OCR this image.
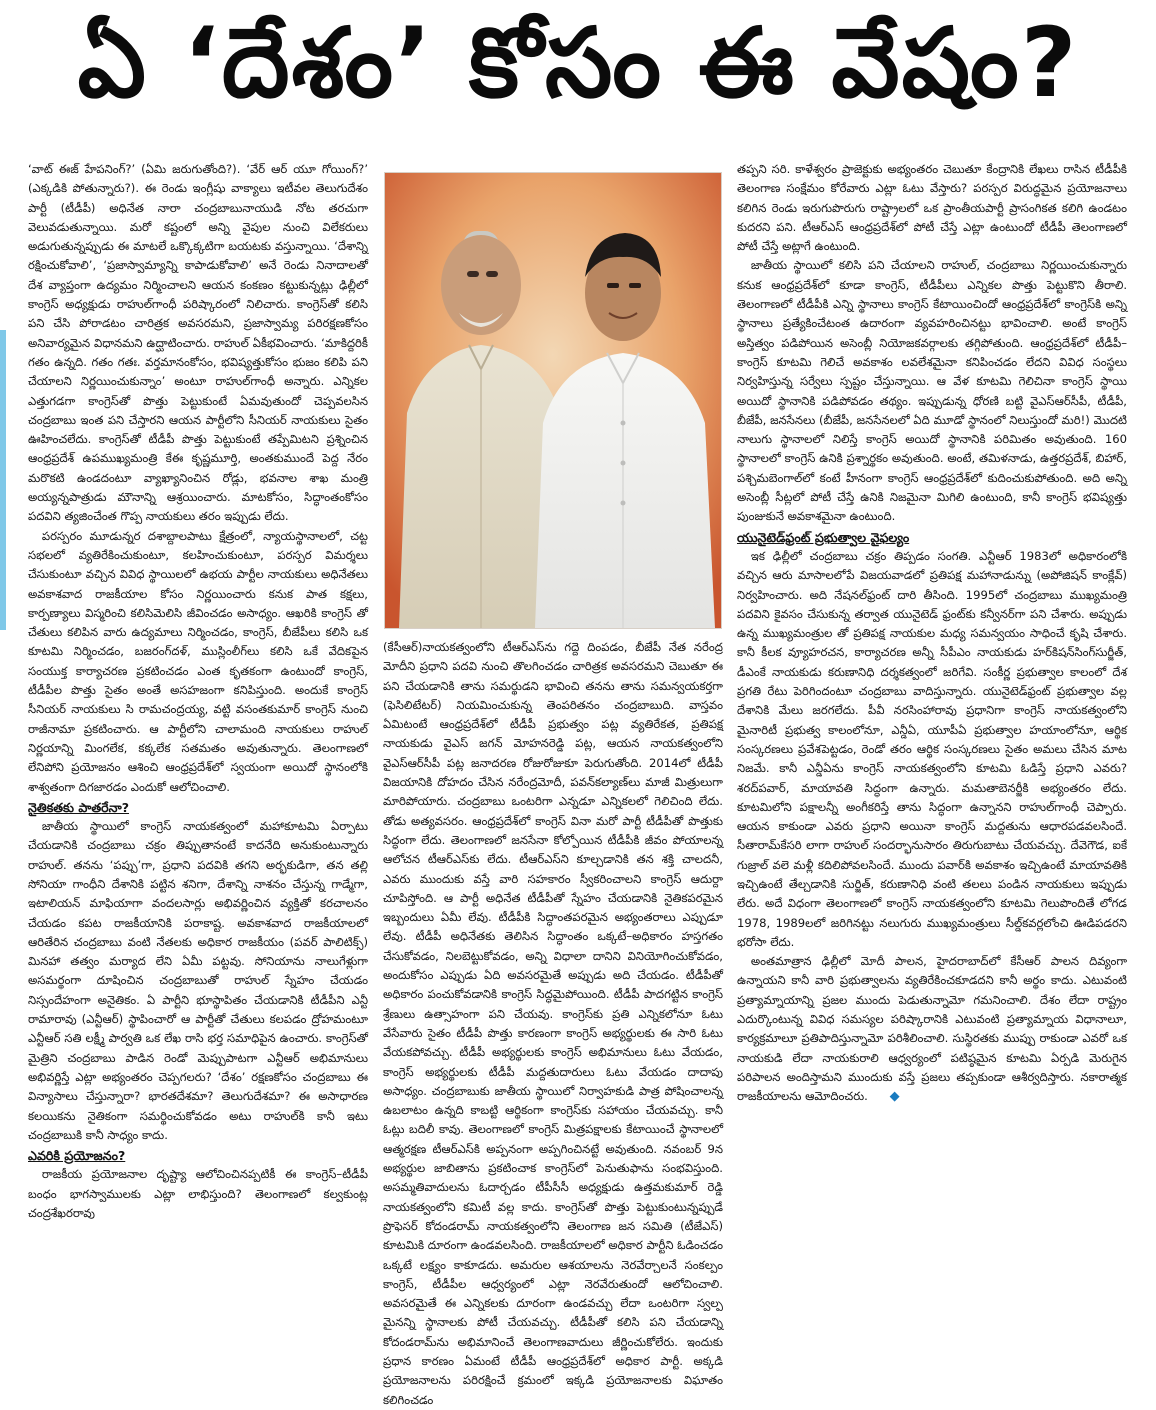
ఏ ‘దేశం’ కోసం ఈ వేషం?

‘వాట్ ఈజ్ హేపనింగ్?’ (ఏమి జరుగుతోంది?). ‘వేర్ ఆర్ యూ గోయింగ్?’ (ఎక్కడికి పోతున్నారు?). ఈ రెండు ఇంగ్లీషు వాక్యాలు ఇటీవల తెలుగుదేశం పార్టీ (టీడీపీ) అధినేత నారా చంద్రబాబునాయుడి నోట తరచుగా వెలువడుతున్నాయి. మరో కష్టంలో అన్ని వైపుల నుంచి విలేకరులు అడుగుతున్నప్పుడు ఈ మాటలే ఒక్కొక్కటిగా బయటకు వస్తున్నాయి. ‘దేశాన్ని రక్షించుకోవాలి’, ‘ప్రజాస్వామ్యాన్ని కాపాడుకోవాలి’ అనే రెండు నినాదాలతో దేశ వ్యాప్తంగా ఉద్యమం నిర్మించాలని ఆయన కంకణం కట్టుకున్నట్లు ఢిల్లీలో కాంగ్రెస్ అధ్యక్షుడు రాహుల్‌గాంధీ పరిష్కారంలో నిలిచారు. కాంగ్రెస్‌తో కలిసి పని చేసి పోరాడటం చారిత్రక అవసరమని, ప్రజాస్వామ్య పరిరక్షణకోసం అనివార్యమైన విధానమని ఉద్ఘాటించారు. రాహుల్ ఏకీభవించారు. ‘మాకిద్దరికీ గతం ఉన్నది. గతం గతః. వర్తమానంకోసం, భవిష్యత్తుకోసం భుజం కలిపి పని చేయాలని నిర్ణయించుకున్నాం’ అంటూ రాహుల్‌గాంధీ అన్నారు. ఎన్నికల ఎత్తుగడగా కాంగ్రెస్‌తో పొత్తు పెట్టుకుంటే ఏమవుతుందో చెప్పవలసిన చంద్రబాబు ఇంత పని చేస్తారని ఆయన పార్టీలోని సీనియర్ నాయకులు సైతం ఊహించలేదు. కాంగ్రెస్‌తో టీడీపీ పొత్తు పెట్టుకుంటే తప్పేమిటని ప్రశ్నించిన ఆంధ్రప్రదేశ్ ఉపముఖ్యమంత్రి కేఈ కృష్ణమూర్తి, అంతకుముందే పెద్ద నేరం మరొకటి ఉండదంటూ వ్యాఖ్యానించిన రోడ్లు, భవనాల శాఖ మంత్రి అయ్యన్నపాత్రుడు మౌనాన్ని ఆశ్రయించారు. మాటకోసం, సిద్ధాంతంకోసం పదవిని త్యజించేంత గొప్ప నాయకులు తరం ఇప్పుడు లేదు.

పరస్పరం మూడున్నర దశాబ్దాలపాటు క్షేత్రంలో, న్యాయస్థానాలలో, చట్ట సభలలో వ్యతిరేకించుకుంటూ, కలహించుకుంటూ, పరస్పర విమర్శలు చేసుకుంటూ వచ్చిన వివిధ స్థాయిలలో ఉభయ పార్టీల నాయకులు అధినేతలు అవకాశవాద రాజకీయాల కోసం నిర్ణయించారు కనుక పాత కక్షలు, కార్పణ్యాలు విస్మరించి కలిసిమెలిసి జీవించడం అసాధ్యం. ఆఖరికి కాంగ్రెస్ తో చేతులు కలిపిన వారు ఉద్యమాలు నిర్మించడం, కాంగ్రెస్, బీజేపీలు కలిసి ఒక కూటమి నిర్మించడం, బజరంగ్‌దళ్, ముస్లింలీగ్‌లు కలిసి ఒకే వేదికపైన సంయుక్త కార్యాచరణ ప్రకటించడం ఎంత కృతకంగా ఉంటుందో కాంగ్రెస్, టీడీపీల పొత్తు సైతం అంతే అసహజంగా కనిపిస్తుంది. అందుకే కాంగ్రెస్ సీనియర్ నాయకులు సి రామచంద్రయ్య, వట్టి వసంతకుమార్ కాంగ్రెస్ నుంచి రాజీనామా ప్రకటించారు. ఆ పార్టీలోని చాలామంది నాయకులు రాహుల్ నిర్ణయాన్ని మింగలేక, కక్కలేక సతమతం అవుతున్నారు. తెలంగాణలో లేనిపోని ప్రయోజనం ఆశించి ఆంధ్రప్రదేశ్‌లో స్వయంగా అయిదో స్థానంలోకి శాశ్వతంగా దిగజారడం ఎందుకో ఆలోచించాలి.

నైతికతకు పాతరేనా?

జాతీయ స్థాయిలో కాంగ్రెస్ నాయకత్వంలో మహాకూటమి ఏర్పాటు చేయడానికి చంద్రబాబు చక్రం తిప్పుతానంటే కాదనేది అనుకుంటున్నారు రాహుల్. తనను ‘పప్పు’గా, ప్రధాని పదవికి తగని అర్భకుడిగా, తన తల్లి సోనియా గాంధీని దేశానికి పట్టిన శనిగా, దేశాన్ని నాశనం చేస్తున్న గాడ్మేగా, ఇటాలియన్ మాఫియాగా వందలసార్లు అభివర్ణించిన వ్యక్తితో కరచాలనం చేయడం కపట రాజకీయానికి పరాకాష్ట. అవకాశవాద రాజకీయాలలో ఆరితేరిన చంద్రబాబు వంటి నేతలకు అధికార రాజకీయం (పవర్ పాలిటిక్స్) మినహా తత్వం మర్యాద లేని ఏమీ పట్టవు. సోనియాను నాలుగేళ్లుగా అసమర్థంగా దూషించిన చంద్రబాబుతో రాహుల్ స్నేహం చేయడం నిస్సందేహంగా అనైతికం. ఏ పార్టీని భూస్థాపితం చేయడానికి టీడీపీని ఎన్టీ రామారావు (ఎన్టీఆర్) స్థాపించారో ఆ పార్టీతో చేతులు కలపడం ద్రోహమంటూ ఎన్టీఆర్ సతి లక్ష్మీ పార్వతి ఒక లేఖ రాసి భర్త సమాధిపైన ఉంచారు. కాంగ్రెస్‌తో మైత్రిని చంద్రబాబు పాడిన రెండో మెప్పుపాటగా ఎన్టీఆర్ అభిమానులు అభివర్ణిస్తే ఎట్లా అభ్యంతరం చెప్పగలరు? ‘దేశం’ రక్షణకోసం చంద్రబాబు ఈ విన్యాసాలు చేస్తున్నారా? భారతదేశమా? తెలుగుదేశమా? ఈ అసాధారణ కలయికను నైతికంగా సమర్థించుకోవడం అటు రాహుల్‌కి కానీ ఇటు చంద్రబాబుకి కానీ సాధ్యం కాదు.

ఎవరికి ప్రయోజనం?

రాజకీయ ప్రయోజనాల దృష్ట్యా ఆలోచించినప్పటికీ ఈ కాంగ్రెస్–టీడీపీ బంధం భాగస్వాములకు ఎట్లా లాభిస్తుంది? తెలంగాణలో కల్వకుంట్ల చంద్రశేఖరరావు

(కేసీఆర్)నాయకత్వంలోని టీఆర్ఎస్‌ను గద్దె దింపడం, బీజేపీ నేత నరేంద్ర మోదీని ప్రధాని పదవి నుంచి తొలగించడం చారిత్రక అవసరమని చెబుతూ ఈ పని చేయడానికి తాను సమర్థుడని భావించి తనను తాను సమన్వయకర్తగా (ఫెసిలిటేటర్) నియమించుకున్న తెంపరితనం చంద్రబాబుది. వాస్తవం ఏమిటంటే ఆంధ్రప్రదేశ్‌లో టీడీపీ ప్రభుత్వం పట్ల వ్యతిరేకత, ప్రతిపక్ష నాయకుడు వైఎస్ జగన్ మోహనరెడ్డి పట్ల, ఆయన నాయకత్వంలోని వైఎస్ఆర్‌సీపీ పట్ల జనాదరణ రోజురోజుకూ పెరుగుతోంది. 2014లో టీడీపీ విజయానికి దోహదం చేసిన నరేంద్రమోదీ, పవన్‌కల్యాణ్‌లు మాజీ మిత్రులుగా మారిపోయారు. చంద్రబాబు ఒంటరిగా ఎన్నడూ ఎన్నికలలో గెలిచింది లేదు. తోడు అత్యవసరం. ఆంధ్రప్రదేశ్‌లో కాంగ్రెస్ వినా మరో పార్టీ టీడీపీతో పొత్తుకు సిద్ధంగా లేదు. తెలంగాణలో జనసేనా కోల్పోయిన టీడీపీకి జీవం పోయాలన్న ఆలోచన టీఆర్ఎస్‌కు లేదు. టీఆర్ఎస్‌ని కూల్చడానికి తన శక్తి చాలదనీ, ఎవరు ముందుకు వస్తే వారి సహకారం స్వీకరించాలని కాంగ్రెస్ ఆదుర్దా చూపిస్తోంది. ఆ పార్టీ అధినేత టీడీపీతో స్నేహం చేయడానికి నైతికపరమైన ఇబ్బందులు ఏమీ లేవు. టీడీపీకి సిద్ధాంతపరమైన అభ్యంతరాలు ఎప్పుడూ లేవు. టీడీపీ అధినేతకు తెలిసిన సిద్ధాంతం ఒక్కటే–అధికారం హస్తగతం చేసుకోవడం, నిలబెట్టుకోవడం, అన్ని విధాలా దానిని వినియోగించుకోవడం, అందుకోసం ఎప్పుడు ఏది అవసరమైతే అప్పుడు అది చేయడం. టీడీపీతో అధికారం పంచుకోవడానికి కాంగ్రెస్ సిద్ధమైపోయింది. టీడీపీ పాదగట్టిన కాంగ్రెస్ శ్రేణులు ఉత్సాహంగా పని చేయవు. కాంగ్రెస్‌కు ప్రతి ఎన్నికలోనూ ఓటు వేసేవారు సైతం టీడీపీ పొత్తు కారణంగా కాంగ్రెస్ అభ్యర్థులకు ఈ సారి ఓటు వేయకపోవచ్చు. టీడీపీ అభ్యర్థులకు కాంగ్రెస్ అభిమానులు ఓటు వేయడం, కాంగ్రెస్ అభ్యర్థులకు టీడీపీ మద్దతుదారులు ఓటు వేయడం దాదాపు అసాధ్యం. చంద్రబాబుకు జాతీయ స్థాయిలో నిర్వాహకుడి పాత్ర పోషించాలన్న ఉబలాటం ఉన్నది కాబట్టి ఆర్థికంగా కాంగ్రెస్‌కు సహాయం చేయవచ్చు. కానీ ఓట్లు బదిలీ కావు. తెలంగాణలో కాంగ్రెస్ మిత్రపక్షాలకు కేటాయించే స్థానాలలో ఆత్మరక్షణ టీఆర్ఎస్‌కి అప్పనంగా అప్పగించినట్టే అవుతుంది. నవంబర్ 9న అభ్యర్థుల జాబితాను ప్రకటించాక కాంగ్రెస్‌లో పెనుతుఫాను సంభవిస్తుంది. అసమ్మతివాదులను ఓదార్చడం టీపీసీసీ అధ్యక్షుడు ఉత్తమకుమార్ రెడ్డి నాయకత్వంలోని కమిటీ వల్ల కాదు. కాంగ్రెస్‌తో పొత్తు పెట్టుకుంటున్నప్పుడే ప్రొఫెసర్ కోదండరామ్ నాయకత్వంలోని తెలంగాణ జన సమితి (టీజేఎస్) కూటమికి దూరంగా ఉండవలసింది. రాజకీయాలలో అధికార పార్టీని ఓడించడం ఒక్కటే లక్ష్యం కాకూడదు. అమరుల ఆశయాలను నెరవేర్చాలనే సంకల్పం కాంగ్రెస్, టీడీపీల ఆధ్వర్యంలో ఎట్లా నెరవేరుతుందో ఆలోచించాలి. అవసరమైతే ఈ ఎన్నికలకు దూరంగా ఉండవచ్చు లేదా ఒంటరిగా స్వల్ప మైనన్ని స్థానాలకు పోటీ చేయవచ్చు. టీడీపీతో కలిసి పని చేయడాన్ని కోదండరామ్‌ను అభిమానించే తెలంగాణవాదులు జీర్ణించుకోలేరు. ఇందుకు ప్రధాన కారణం ఏమంటే టీడీపీ ఆంధ్రప్రదేశ్‌లో అధికార పార్టీ. అక్కడి ప్రయోజనాలను పరిరక్షించే క్రమంలో ఇక్కడి ప్రయోజనాలకు విఘాతం కలిగించడం

తప్పని సరి. కాళేశ్వరం ప్రాజెక్టుకు అభ్యంతరం చెబుతూ కేంద్రానికి లేఖలు రాసిన టీడీపీకి తెలంగాణ సంక్షేమం కోరేవారు ఎట్లా ఓటు వేస్తారు? పరస్పర విరుద్ధమైన ప్రయోజనాలు కలిగిన రెండు ఇరుగుపొరుగు రాష్ట్రాలలో ఒక ప్రాంతీయపార్టీ ప్రాసంగికత కలిగి ఉండటం కుదరని పని. టీఆర్ఎస్ ఆంధ్రప్రదేశ్‌లో పోటీ చేస్తే ఎట్లా ఉంటుందో టీడీపీ తెలంగాణలో పోటీ చేస్తే అట్లాగే ఉంటుంది.

జాతీయ స్థాయిలో కలిసి పని చేయాలని రాహుల్, చంద్రబాబు నిర్ణయించుకున్నారు కనుక ఆంధ్రప్రదేశ్‌లో కూడా కాంగ్రెస్, టీడీపీలు ఎన్నికల పొత్తు పెట్టుకొని తీరాలి. తెలంగాణలో టీడీపీకి ఎన్ని స్థానాలు కాంగ్రెస్ కేటాయించిందో ఆంధ్రప్రదేశ్‌లో కాంగ్రెస్‌కి అన్ని స్థానాలు ప్రత్యేకించేటంత ఉదారంగా వ్యవహరించినట్టు భావించాలి. అంటే కాంగ్రెస్ అస్తిత్వం పడిపోయిన అసెంబ్లీ నియోజకవర్గాలకు తగ్గిపోతుంది. ఆంధ్రప్రదేశ్‌లో టీడీపీ– కాంగ్రెస్ కూటమి గెలిచే అవకాశం లవలేశమైనా కనిపించడం లేదని వివిధ సంస్థలు నిర్వహిస్తున్న సర్వేలు స్పష్టం చేస్తున్నాయి. ఆ వేళ కూటమి గెలిచినా కాంగ్రెస్ స్థాయి అయిదో స్థానానికి పడిపోవడం తథ్యం. ఇప్పుడున్న ధోరణి బట్టి వైఎస్ఆర్‌సీపీ, టీడీపీ, బీజేపీ, జనసేనలు (బీజేపీ, జనసేనలలో ఏది మూడో స్థానంలో నిలుస్తుందో మరి!) మొదటి నాలుగు స్థానాలలో నిలిస్తే కాంగ్రెస్ అయిదో స్థానానికి పరిమితం అవుతుంది. 160 స్థానాలలో కాంగ్రెస్ ఉనికి ప్రశ్నార్థకం అవుతుంది. అంటే, తమిళనాడు, ఉత్తరప్రదేశ్, బిహార్, పశ్చిమబెంగాల్‌లో కంటే హీనంగా కాంగ్రెస్ ఆంధ్రప్రదేశ్‌లో కుదించుకుపోతుంది. అది అన్ని అసెంబ్లీ సీట్లలో పోటీ చేస్తే ఉనికి నిజమైనా మిగిలి ఉంటుంది, కానీ కాంగ్రెస్ భవిష్యత్తు పుంజుకునే అవకాశమైనా ఉంటుంది.

యునైటెడ్‌ఫ్రంట్ ప్రభుత్వాల వైఫల్యం

ఇక ఢిల్లీలో చంద్రబాబు చక్రం తిప్పడం సంగతి. ఎన్టీఆర్ 1983లో అధికారంలోకి వచ్చిన ఆరు మాసాలలోపే విజయవాడలో ప్రతిపక్ష మహానాడున్ను (అపోజిషన్ కాంక్లేవ్) నిర్వహించారు. అది నేషనల్‌ఫ్రంట్ దారి తీసింది. 1995లో చంద్రబాబు ముఖ్యమంత్రి పదవిని కైవసం చేసుకున్న తర్వాత యునైటెడ్ ఫ్రంట్‌కు కన్వీనర్‌గా పని చేశారు. అప్పుడు ఉన్న ముఖ్యమంత్రుల తో ప్రతిపక్ష నాయకుల మధ్య సమన్వయం సాధించే కృషి చేశారు. కానీ కీలక వ్యూహరచన, కార్యాచరణ అన్నీ సీపీఎం నాయకుడు హర్‌కిషన్‌సింగ్‌సుర్జీత్, డీఎంకే నాయకుడు కరుణానిధి దర్శకత్వంలో జరిగేవి. సంకీర్ణ ప్రభుత్వాల కాలంలో దేశ ప్రగతి రేటు పెరిగిందంటూ చంద్రబాబు వాదిస్తున్నారు. యునైటెడ్‌ఫ్రంట్ ప్రభుత్వాల వల్ల దేశానికి మేలు జరగలేదు. పీవీ నరసింహారావు ప్రధానిగా కాంగ్రెస్ నాయకత్వంలోని మైనారిటీ ప్రభుత్వ కాలంలోనూ, ఎన్డీఏ, యూపీఏ ప్రభుత్వాల హయాంలోనూ, ఆర్థిక సంస్కరణలు ప్రవేశపెట్టడం, రెండో తరం ఆర్థిక సంస్కరణలు సైతం అమలు చేసిన మాట నిజమే. కానీ ఎన్డీఏను కాంగ్రెస్ నాయకత్వంలోని కూటమి ఓడిస్తే ప్రధాని ఎవరు? శరద్‌పవార్, మాయావతి సిద్ధంగా ఉన్నారు. మమతాబెనర్జీకి అభ్యంతరం లేదు. కూటమిలోని పక్షాలన్నీ అంగీకరిస్తే తాను సిద్ధంగా ఉన్నానని రాహుల్‌గాంధీ చెప్పారు. ఆయన కాకుండా ఎవరు ప్రధాని అయినా కాంగ్రెస్ మద్దతును ఆధారపడవలసిందే. సీతారామ్‌కేసరి లాగా రాహుల్ సందర్భానుసారం తిరుగుబాటు చేయవచ్చు. దేవెగౌడ, ఐకే గుజ్రాల్ వలె మళ్లీ కదిలిపోవలసిందే. ముందు పవార్‌కి అవకాశం ఇచ్చిఉంటే మాయావతికి ఇచ్చిఉంటే తేల్చడానికి సుర్జిత్, కరుణానిధి వంటి తలలు పండిన నాయకులు ఇప్పుడు లేరు. అదే విధంగా తెలంగాణలో కాంగ్రెస్ నాయకత్వంలోని కూటమి గెలుపొందితే లోగడ 1978, 1989లలో జరిగినట్టు నలుగురు ముఖ్యమంత్రులు సీల్డ్‌కవర్లలోంచి ఊడిపడరని భరోసా లేదు.

అంతమాత్రాన ఢిల్లీలో మోదీ పాలన, హైదరాబాద్‌లో కేసీఆర్ పాలన దివ్యంగా ఉన్నాయని కానీ వారి ప్రభుత్వాలను వ్యతిరేకించకూడదని కానీ అర్థం కాదు. ఎటువంటి ప్రత్యామ్నాయాన్ని ప్రజల ముందు పెడుతున్నామో గమనించాలి. దేశం లేదా రాష్ట్రం ఎదుర్కొంటున్న వివిధ సమస్యల పరిష్కారానికి ఎటువంటి ప్రత్యామ్నాయ విధానాలూ, కార్యక్రమాలూ ప్రతిపాదిస్తున్నామో పరిశీలించాలి. సుస్థిరతకు ముప్పు రాకుండా ఎవరో ఒక నాయకుడి లేదా నాయకురాలి ఆధ్వర్యంలో పటిష్ఠమైన కూటమి ఏర్పడి మెరుగైన పరిపాలన అందిస్తామని ముందుకు వస్తే ప్రజలు తప్పకుండా ఆశీర్వదిస్తారు. నకారాత్మక రాజకీయాలను ఆమోదించరు. ◆
